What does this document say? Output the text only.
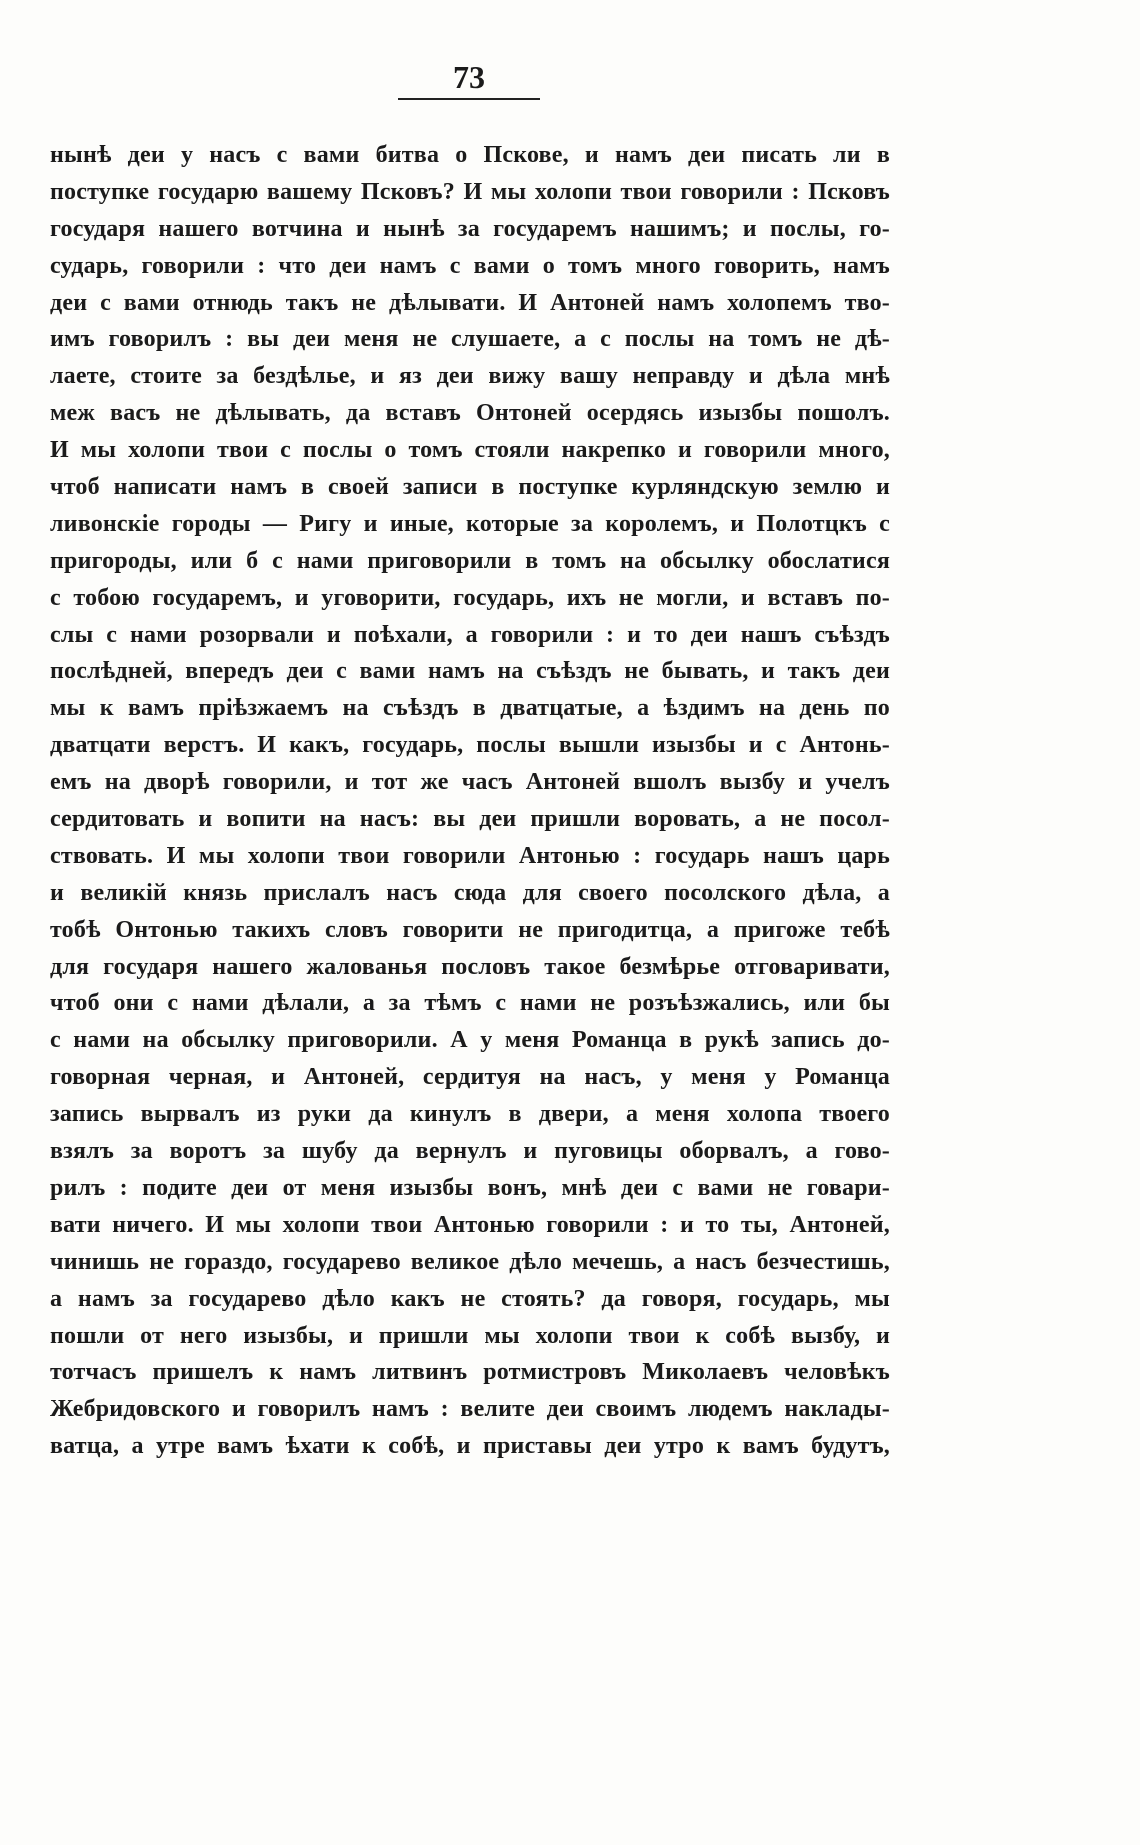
73
нынѣ деи у насъ с вами битва о Пскове, и намъ деи писать ли в
поступке государю вашему Псковъ? И мы холопи твои говорили : Псковъ
государя нашего вотчина и нынѣ за государемъ нашимъ; и послы, го-
сударь, говорили : что деи намъ с вами о томъ много говорить, намъ
деи с вами отнюдь такъ не дѣлывати. И Антоней намъ холопемъ тво-
имъ говорилъ : вы деи меня не слушаете, а с послы на томъ не дѣ-
лаете, стоите за бездѣлье, и яз деи вижу вашу неправду и дѣла мнѣ
меж васъ не дѣлывать, да вставъ Онтоней осердясь изызбы пошолъ.
И мы холопи твои с послы о томъ стояли накрепко и говорили много,
чтоб написати намъ в своей записи в поступке курляндскую землю и
ливонскіе городы — Ригу и иные, которые за королемъ, и Полотцкъ с
пригороды, или б с нами приговорили в томъ на обсылку обослатися
с тобою государемъ, и уговорити, государь, ихъ не могли, и вставъ по-
слы с нами розорвали и поѣхали, а говорили : и то деи нашъ съѣздъ
послѣдней, впередъ деи с вами намъ на съѣздъ не бывать, и такъ деи
мы к вамъ пріѣзжаемъ на съѣздъ в дватцатые, а ѣздимъ на день по
дватцати верстъ. И какъ, государь, послы вышли изызбы и с Антонь-
емъ на дворѣ говорили, и тот же часъ Антоней вшолъ вызбу и учелъ
сердитовать и вопити на насъ: вы деи пришли воровать, а не посол-
ствовать. И мы холопи твои говорили Антонью : государь нашъ царь
и великій князь прислалъ насъ сюда для своего посолского дѣла, а
тобѣ Онтонью такихъ словъ говорити не пригодитца, а пригоже тебѣ
для государя нашего жалованья пословъ такое безмѣрье отговаривати,
чтоб они с нами дѣлали, а за тѣмъ с нами не розъѣзжались, или бы
с нами на обсылку приговорили. А у меня Романца в рукѣ запись до-
говорная черная, и Антоней, сердитуя на насъ, у меня у Романца
запись вырвалъ из руки да кинулъ в двери, а меня холопа твоего
взялъ за воротъ за шубу да вернулъ и пуговицы оборвалъ, а гово-
рилъ : подите деи от меня изызбы вонъ, мнѣ деи с вами не говари-
вати ничего. И мы холопи твои Антонью говорили : и то ты, Антоней,
чинишь не гораздо, государево великое дѣло мечешь, а насъ безчестишь,
а намъ за государево дѣло какъ не стоять? да говоря, государь, мы
пошли от него изызбы, и пришли мы холопи твои к собѣ вызбу, и
тотчасъ пришелъ к намъ литвинъ ротмистровъ Миколаевъ человѣкъ
Жебридовского и говорилъ намъ : велите деи своимъ людемъ наклады-
ватца, а утре вамъ ѣхати к собѣ, и приставы деи утро к вамъ будутъ,
